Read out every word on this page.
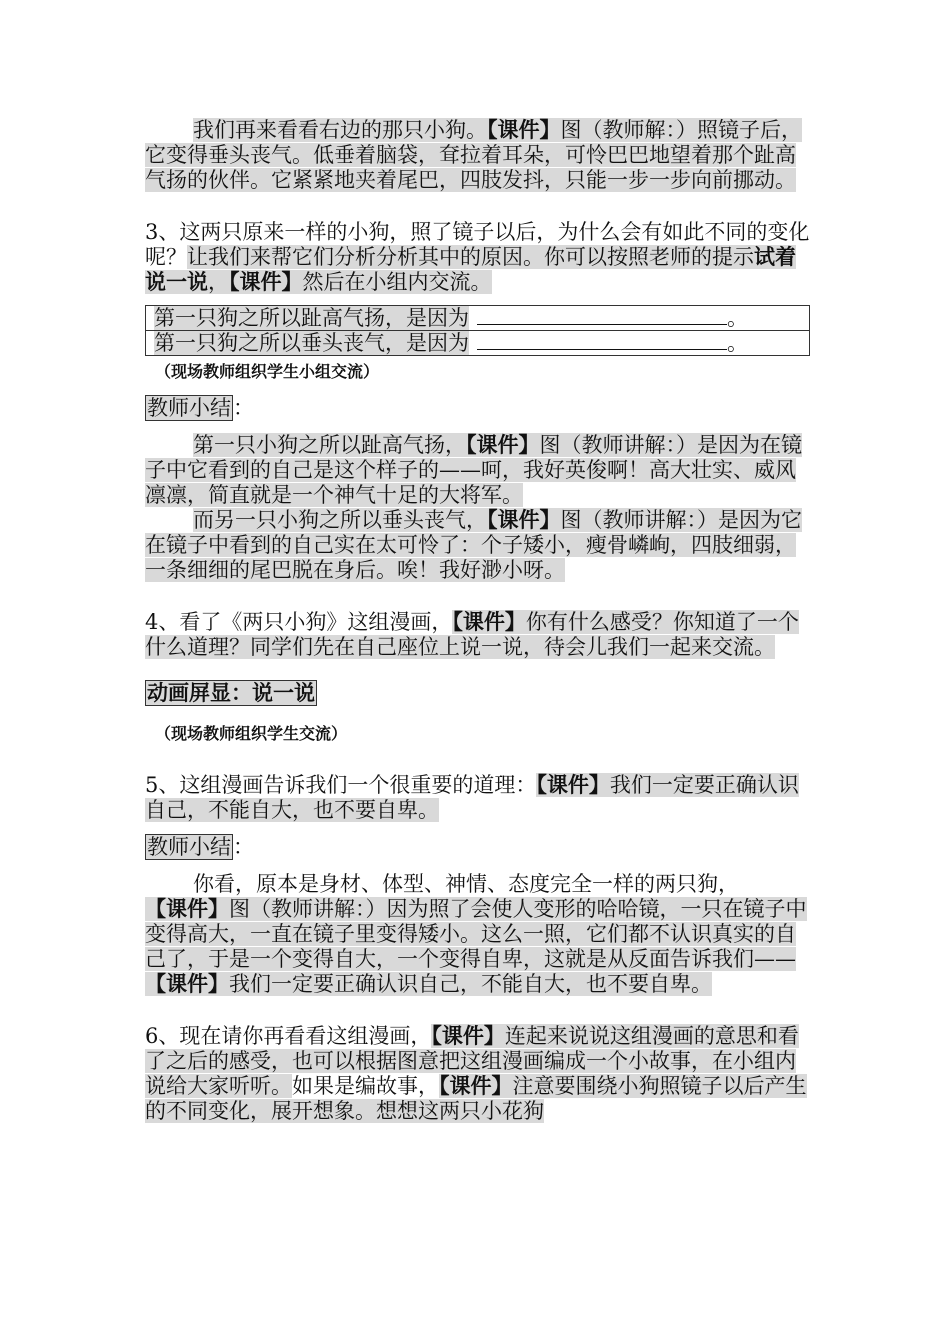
我们再来看看右边的那只小狗。【课件】图（教师解：）照镜子后，它变得垂头丧气。低垂着脑袋，耷拉着耳朵，可怜巴巴地望着那个趾高气扬的伙伴。它紧紧地夹着尾巴，四肢发抖，只能一步一步向前挪动。

3、这两只原来一样的小狗，照了镜子以后，为什么会有如此不同的变化呢？让我们来帮它们分析分析其中的原因。你可以按照老师的提示试着说一说，【课件】然后在小组内交流。

第一只狗之所以趾高气扬，是因为	。
第一只狗之所以垂头丧气，是因为	。

（现场教师组织学生小组交流）

教师小结：

第一只小狗之所以趾高气扬，【课件】图（教师讲解：）是因为在镜子中它看到的自己是这个样子的——呵，我好英俊啊！高大壮实、威风凛凛，简直就是一个神气十足的大将军。

而另一只小狗之所以垂头丧气，【课件】图（教师讲解：）是因为它在镜子中看到的自己实在太可怜了：个子矮小，瘦骨嶙峋，四肢细弱，一条细细的尾巴脱在身后。唉！我好渺小呀。

4、看了《两只小狗》这组漫画，【课件】你有什么感受？你知道了一个什么道理？同学们先在自己座位上说一说，待会儿我们一起来交流。

动画屏显：说一说

（现场教师组织学生交流）

5、这组漫画告诉我们一个很重要的道理：【课件】我们一定要正确认识自己，不能自大，也不要自卑。

教师小结：

你看，原本是身材、体型、神情、态度完全一样的两只狗，【课件】图（教师讲解：）因为照了会使人变形的哈哈镜，一只在镜子中变得高大，一直在镜子里变得矮小。这么一照，它们都不认识真实的自己了，于是一个变得自大，一个变得自卑，这就是从反面告诉我们——【课件】我们一定要正确认识自己，不能自大，也不要自卑。

6、现在请你再看看这组漫画，【课件】连起来说说这组漫画的意思和看了之后的感受，也可以根据图意把这组漫画编成一个小故事，在小组内说给大家听听。如果是编故事，【课件】注意要围绕小狗照镜子以后产生的不同变化，展开想象。想想这两只小花狗
